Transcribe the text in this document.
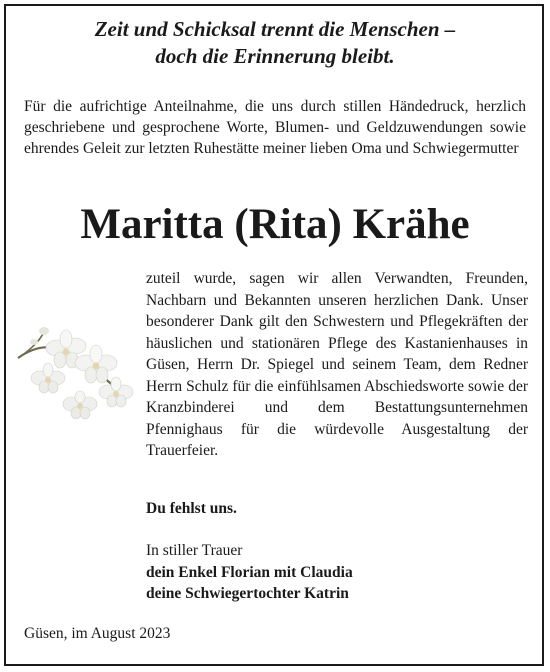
Zeit und Schicksal trennt die Menschen –
doch die Erinnerung bleibt.
Für die aufrichtige Anteilnahme, die uns durch stillen Händedruck, herzlich geschriebene und gesprochene Worte, Blumen- und Geldzuwendungen sowie ehrendes Geleit zur letzten Ruhestätte meiner lieben Oma und Schwiegermutter
Maritta (Rita) Krähe
zuteil wurde, sagen wir allen Verwandten, Freunden, Nachbarn und Bekannten unseren herzlichen Dank. Unser besonderer Dank gilt den Schwestern und Pflegekräften der häuslichen und stationären Pflege des Kastanienhauses in Güsen, Herrn Dr. Spiegel und seinem Team, dem Redner Herrn Schulz für die einfühlsamen Abschiedsworte sowie der Kranzbinderei und dem Bestattungsunternehmen Pfennighaus für die würdevolle Ausgestaltung der Trauerfeier.
Du fehlst uns.
In stiller Trauer
dein Enkel Florian mit Claudia
deine Schwiegertochter Katrin
Güsen, im August 2023
